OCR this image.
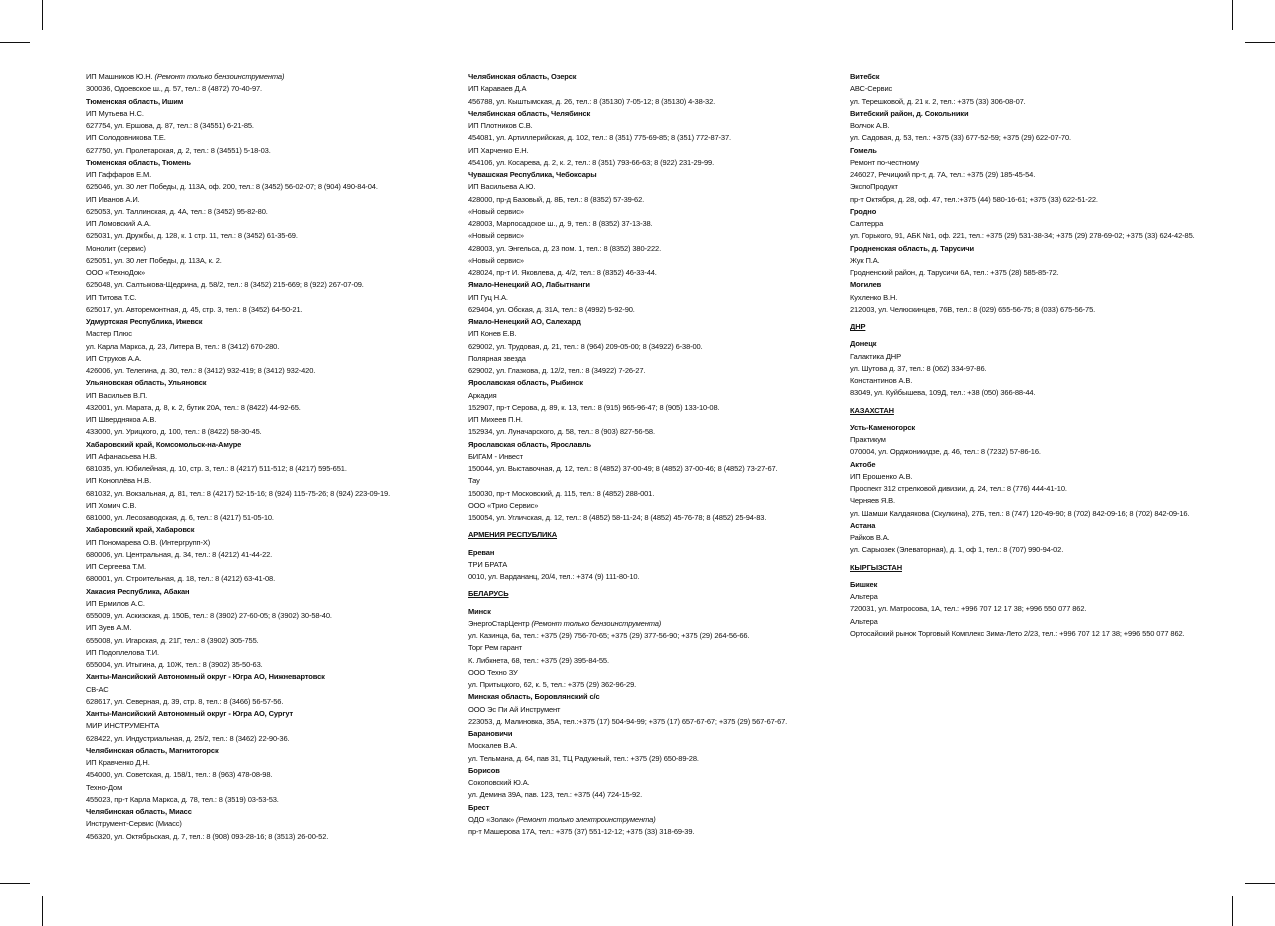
ИП Машников Ю.Н. (Ремонт только бензоинструмента)
300036, Одоевское ш., д. 57, тел.: 8 (4872) 70-40-97.
Тюменская область, Ишим
ИП Мутьева Н.С.
627754, ул. Ершова, д. 87, тел.: 8 (34551) 6-21-85.
ИП Солодовникова Т.Е.
627750, ул. Пролетарская, д. 2, тел.: 8 (34551) 5-18-03.
Тюменская область, Тюмень
ИП Гаффаров Е.М.
625046, ул. 30 лет Победы, д. 113А, оф. 200, тел.: 8 (3452) 56-02-07; 8 (904) 490-84-04.
ИП Иванов А.И.
625053, ул. Таллинская, д. 4А, тел.: 8 (3452) 95-82-80.
ИП Ломовский А.А.
625031, ул. Дружбы, д. 128, к. 1 стр. 11, тел.: 8 (3452) 61-35-69.
Монолит (сервис)
625051, ул. 30 лет Победы, д. 113А, к. 2.
ООО «ТехноДок»
625048, ул. Салтыкова-Щедрина, д. 58/2, тел.: 8 (3452) 215-669; 8 (922) 267-07-09.
ИП Титова Т.С.
625017, ул. Авторемонтная, д. 45, стр. 3, тел.: 8 (3452) 64-50-21.
Удмуртская Республика, Ижевск
Мастер Плюс
ул. Карла Маркса, д. 23, Литера В, тел.: 8 (3412) 670-280.
ИП Струков А.А.
426006, ул. Телегина, д. 30, тел.: 8 (3412) 932-419; 8 (3412) 932-420.
Ульяновская область, Ульяновск
ИП Васильев В.П.
432001, ул. Марата, д. 8, к. 2, бутик 20А, тел.: 8 (8422) 44-92-65.
ИП Шверднякоа А.В.
433000, ул. Урицкого, д. 100, тел.: 8 (8422) 58-30-45.
Хабаровский край, Комсомольск-на-Амуре
ИП Афанасьева Н.В.
681035, ул. Юбилейная, д. 10, стр. 3, тел.: 8 (4217) 511-512; 8 (4217) 595-651.
ИП Коноплёва Н.В.
681032, ул. Вокзальная, д. 81, тел.: 8 (4217) 52-15-16; 8 (924) 115-75-26; 8 (924) 223-09-19.
ИП Хомич С.В.
681000, ул. Лесозаводская, д. 6, тел.: 8 (4217) 51-05-10.
Хабаровский край, Хабаровск
ИП Пономарева О.В. (Интергрупп-Х)
680006, ул. Центральная, д. 34, тел.: 8 (4212) 41-44-22.
ИП Сергеева Т.М.
680001, ул. Строительная, д. 18, тел.: 8 (4212) 63-41-08.
Хакасия Республика, Абакан
ИП Ермилов А.С.
655009, ул. Аскизская, д. 150Б, тел.: 8 (3902) 27-60-05; 8 (3902) 30-58-40.
ИП Зуев А.М.
655008, ул. Игарская, д. 21Г, тел.: 8 (3902) 305-755.
ИП Подоплелова Т.И.
655004, ул. Итыгина, д. 10Ж, тел.: 8 (3902) 35-50-63.
Ханты-Мансийский Автономный округ - Югра АО, Нижневартовск
СВ-АС
628617, ул. Северная, д. 39, стр. 8, тел.: 8 (3466) 56-57-56.
Ханты-Мансийский Автономный округ - Югра АО, Сургут
МИР ИНСТРУМЕНТА
628422, ул. Индустриальная, д. 25/2, тел.: 8 (3462) 22-90-36.
Челябинская область, Магнитогорск
ИП Кравченко Д.Н.
454000, ул. Советская, д. 158/1, тел.: 8 (963) 478-08-98.
Техно-Дом
455023, пр-т Карла Маркса, д. 78, тел.: 8 (3519) 03-53-53.
Челябинская область, Миасс
Инструмент-Сервис (Миасс)
456320, ул. Октябрьская, д. 7, тел.: 8 (908) 093-28-16; 8 (3513) 26-00-52.
Челябинская область, Озерск
ИП Караваев Д.А
456788, ул. Кыштымская, д. 26, тел.: 8 (35130) 7-05-12; 8 (35130) 4-38-32.
Челябинская область, Челябинск
ИП Плотников С.В.
454081, ул. Артиллерийская, д. 102, тел.: 8 (351) 775-69-85; 8 (351) 772-87-37.
ИП Харченко Е.Н.
454106, ул. Косарева, д. 2, к. 2, тел.: 8 (351) 793-66-63; 8 (922) 231-29-99.
Чувашская Республика, Чебоксары
ИП Васильева А.Ю.
428000, пр-д Базовый, д. 8Б, тел.: 8 (8352) 57-39-62.
«Новый сервис»
428003, Марпосадское ш., д. 9, тел.: 8 (8352) 37-13-38.
«Новый сервис»
428003, ул. Энгельса, д. 23 пом. 1, тел.: 8 (8352) 380-222.
«Новый сервис»
428024, пр-т И. Яковлева, д. 4/2, тел.: 8 (8352) 46-33-44.
Ямало-Ненецкий АО, Лабытнанги
ИП Гуц Н.А.
629404, ул. Обская, д. 31А, тел.: 8 (4992) 5-92-90.
Ямало-Ненецкий АО, Салехард
ИП Конев Е.В.
629002, ул. Трудовая, д. 21, тел.: 8 (964) 209-05-00; 8 (34922) 6-38-00.
Полярная звезда
629002, ул. Глазкова, д. 12/2, тел.: 8 (34922) 7-26-27.
Ярославская область, Рыбинск
Аркадия
152907, пр-т Серова, д. 89, к. 13, тел.: 8 (915) 965-96-47; 8 (905) 133-10-08.
ИП Михеев П.Н.
152934, ул. Луначарского, д. 58, тел.: 8 (903) 827-56-58.
Ярославская область, Ярославль
БИГАМ - Инвест
150044, ул. Выставочная, д. 12, тел.: 8 (4852) 37-00-49; 8 (4852) 37-00-46; 8 (4852) 73-27-67.
Тау
150030, пр-т Московский, д. 115, тел.: 8 (4852) 288-001.
ООО «Трио Сервис»
150054, ул. Угличская, д. 12, тел.: 8 (4852) 58-11-24; 8 (4852) 45-76-78; 8 (4852) 25-94-83.
АРМЕНИЯ РЕСПУБЛИКА
Ереван
ТРИ БРАТА
0010, ул. Вардананц, 20/4, тел.: +374 (9) 111-80-10.
БЕЛАРУСЬ
Минск
ЭнергоСтарЦентр (Ремонт только бензоинструмента)
ул. Казинца, 6а, тел.: +375 (29) 756-70-65; +375 (29) 377-56-90; +375 (29) 264-56-66.
Торг Рем гарант
К. Либкнета, 68, тел.: +375 (29) 395-84-55.
ООО Техно ЗУ
ул. Притыцкого, 62, к. 5, тел.: +375 (29) 362-96-29.
Минская область, Боровлянский с/с
ООО Эс Пи Ай Инструмент
223053, д. Малиновка, 35А, тел.:+375 (17) 504-94-99; +375 (17) 657-67-67; +375 (29) 567-67-67.
Барановичи
Москалев В.А.
ул. Тельмана, д. 64, пав 31, ТЦ Радужный, тел.: +375 (29) 650-89-28.
Борисов
Сокоповский Ю.А.
ул. Демина 39А, пав. 123, тел.: +375 (44) 724-15-92.
Брест
ОДО «Золак» (Ремонт только электроинструмента)
пр-т Машерова 17А, тел.: +375 (37) 551-12-12; +375 (33) 318-69-39.
Витебск
АВС-Сервис
ул. Терешковой, д. 21 к. 2, тел.: +375 (33) 306-08-07.
Витебский район, д. Сокольники
Волчок А.В.
ул. Садовая, д. 53, тел.: +375 (33) 677-52-59; +375 (29) 622-07-70.
Гомель
Ремонт по-честному
246027, Речицкий пр-т, д. 7А, тел.: +375 (29) 185-45-54.
ЭкспоПродукт
пр-т Октября, д. 28, оф. 47, тел.:+375 (44) 580-16-61; +375 (33) 622-51-22.
Гродно
Салтерра
ул. Горького, 91, АБК №1, оф. 221, тел.: +375 (29) 531-38-34; +375 (29) 278-69-02; +375 (33) 624-42-85.
Гродненская область, д. Тарусичи
Жук П.А.
Гродненский район, д. Тарусичи 6А, тел.: +375 (28) 585-85-72.
Могилев
Кухленко В.Н.
212003, ул. Челюскинцев, 76В, тел.: 8 (029) 655-56-75; 8 (033) 675-56-75.
ДНР
Донецк
Галактика ДНР
ул. Шутова д. 37, тел.: 8 (062) 334-97-86.
Константинов А.В.
83049, ул. Куйбышева, 109Д, тел.: +38 (050) 366-88-44.
КАЗАХСТАН
Усть-Каменогорск
Практикум
070004, ул. Орджоникидзе, д. 46, тел.: 8 (7232) 57-86-16.
Актобе
ИП Ерошенко А.В.
Проспект 312 стрелковой дивизии, д. 24, тел.: 8 (776) 444-41-10.
Черняев Я.В.
ул. Шамши Калдаякова (Скулкина), 27Б, тел.: 8 (747) 120-49-90; 8 (702) 842-09-16; 8 (702) 842-09-16.
Астана
Райков В.А.
ул. Сарыозек (Элеваторная), д. 1, оф 1, тел.: 8 (707) 990-94-02.
КЫРГЫЗСТАН
Бишкек
Альтера
720031, ул. Матросова, 1А, тел.: +996 707 12 17 38; +996 550 077 862.
Альтера
Ортосайский рынок Торговый Комплекс Зима-Лето 2/23, тел.: +996 707 12 17 38; +996 550 077 862.
